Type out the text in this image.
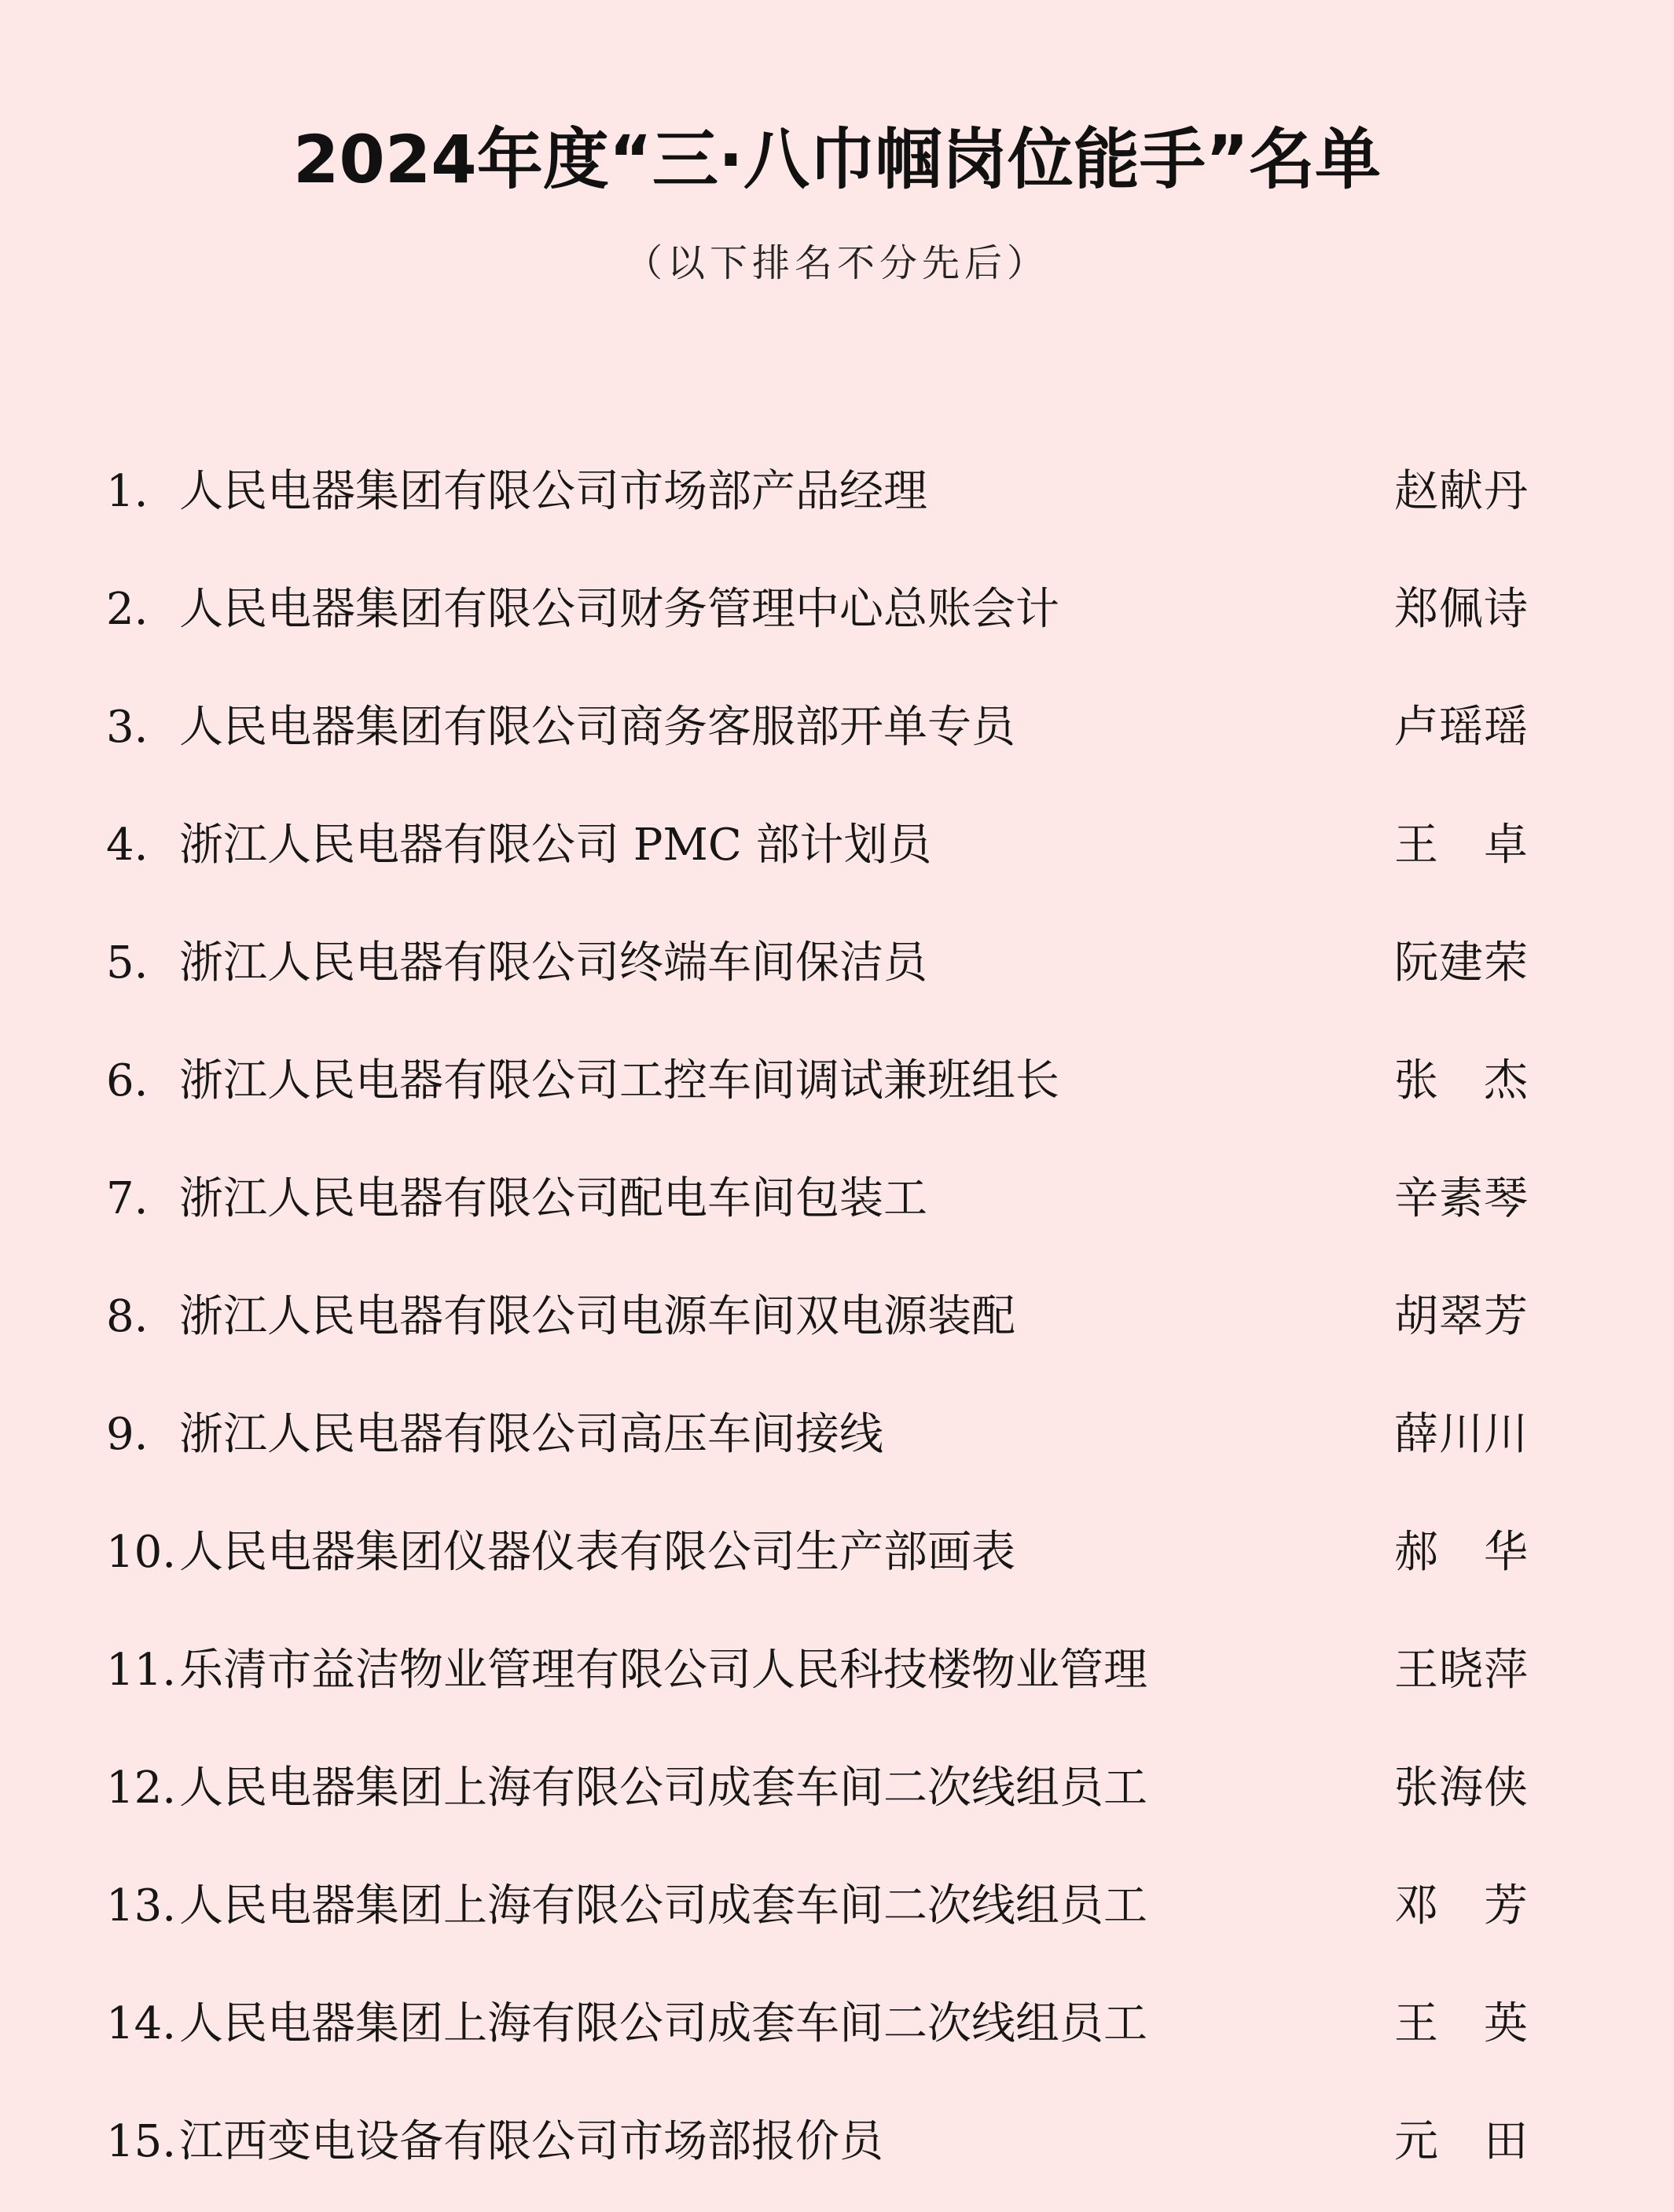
2024年度“三·八巾帼岗位能手”名单
（以下排名不分先后）
1. 人民电器集团有限公司市场部产品经理	赵献丹
2. 人民电器集团有限公司财务管理中心总账会计	郑佩诗
3. 人民电器集团有限公司商务客服部开单专员	卢瑶瑶
4. 浙江人民电器有限公司 PMC 部计划员	王 卓
5. 浙江人民电器有限公司终端车间保洁员	阮建荣
6. 浙江人民电器有限公司工控车间调试兼班组长	张 杰
7. 浙江人民电器有限公司配电车间包装工	辛素琴
8. 浙江人民电器有限公司电源车间双电源装配	胡翠芳
9. 浙江人民电器有限公司高压车间接线	薛川川
10. 人民电器集团仪器仪表有限公司生产部画表	郝 华
11. 乐清市益洁物业管理有限公司人民科技楼物业管理	王晓萍
12. 人民电器集团上海有限公司成套车间二次线组员工	张海侠
13. 人民电器集团上海有限公司成套车间二次线组员工	邓 芳
14. 人民电器集团上海有限公司成套车间二次线组员工	王 英
15. 江西变电设备有限公司市场部报价员	元 田
